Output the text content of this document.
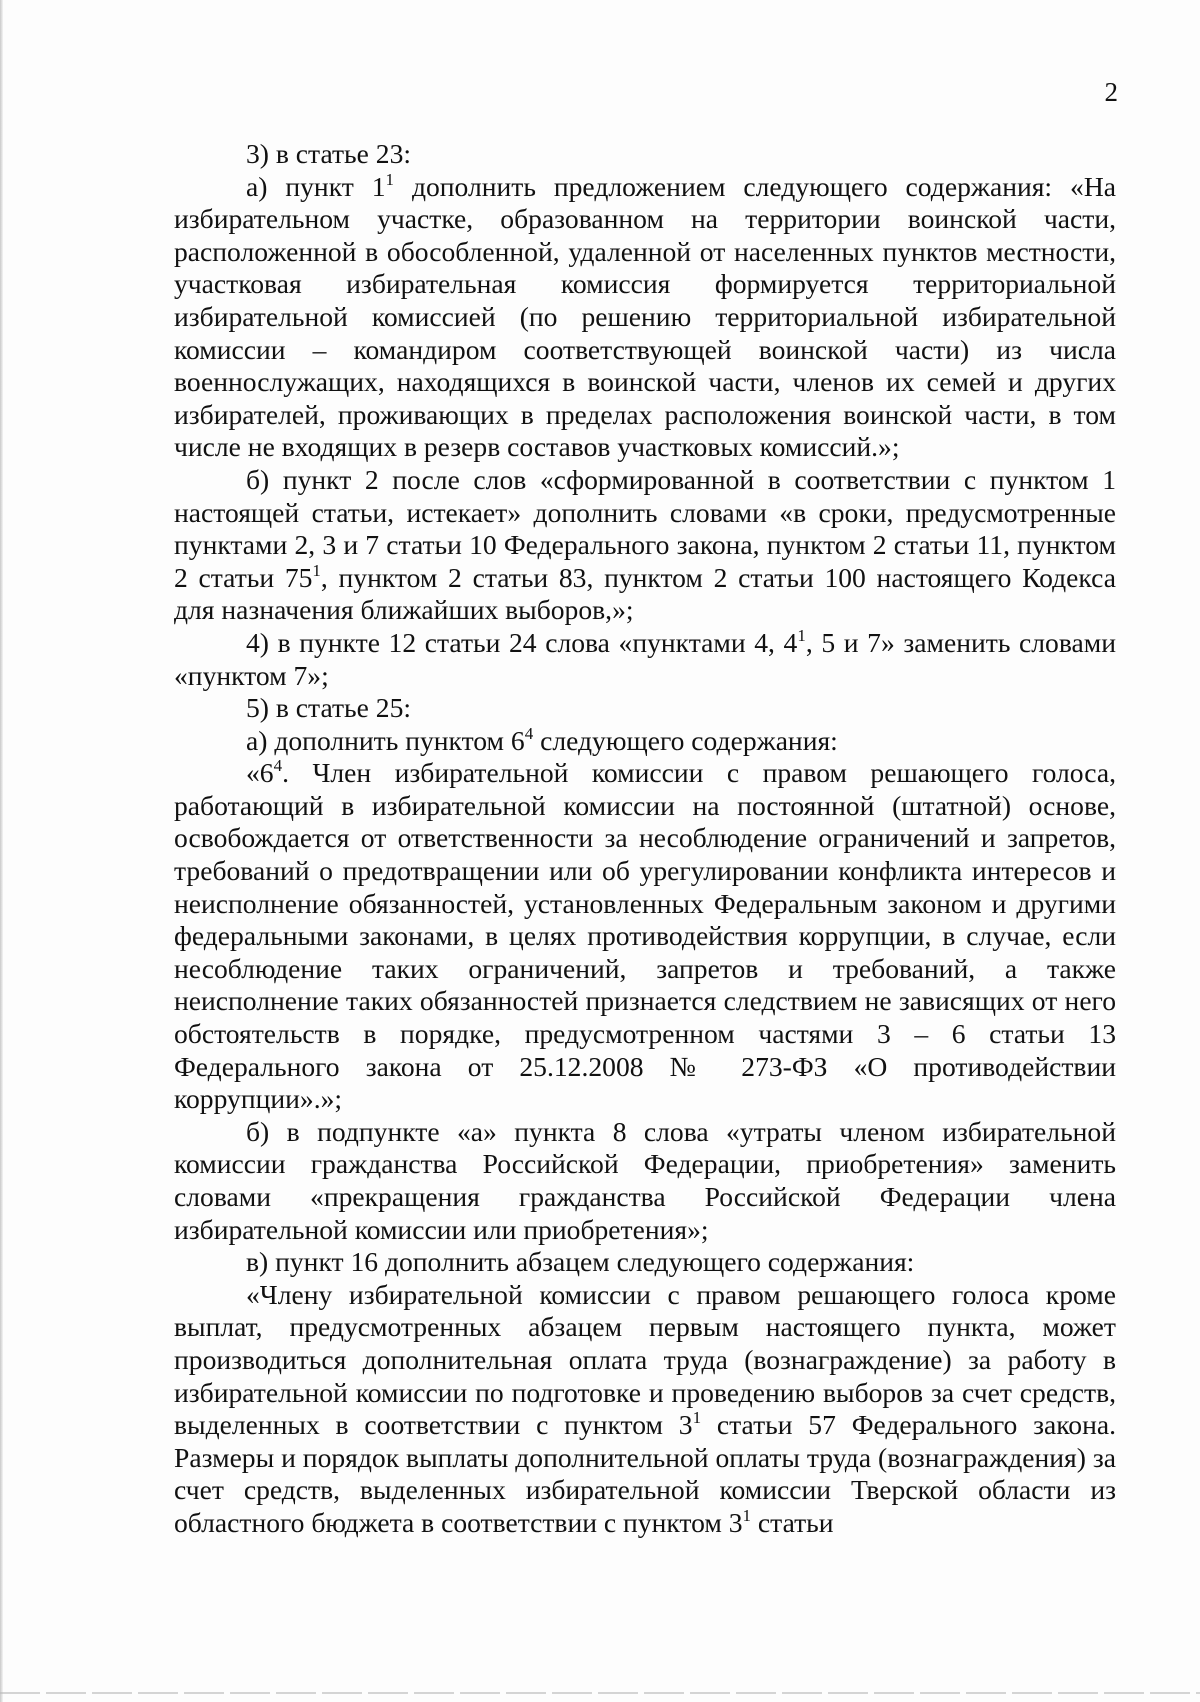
2

3) в статье 23:

а) пункт $1^1$ дополнить предложением следующего содержания: «На избирательном участке, образованном на территории воинской части, расположенной в обособленной, удаленной от населенных пунктов местности, участковая избирательная комиссия формируется территориальной избирательной комиссией (по решению территориальной избирательной комиссии – командиром соответствующей воинской части) из числа военнослужащих, находящихся в воинской части, членов их семей и других избирателей, проживающих в пределах расположения воинской части, в том числе не входящих в резерв составов участковых комиссий.»;

б) пункт 2 после слов «сформированной в соответствии с пунктом 1 настоящей статьи, истекает» дополнить словами «в сроки, предусмотренные пунктами 2, 3 и 7 статьи 10 Федерального закона, пунктом 2 статьи 11, пунктом 2 статьи $75^1$, пунктом 2 статьи 83, пунктом 2 статьи 100 настоящего Кодекса для назначения ближайших выборов,»;

4) в пункте 12 статьи 24 слова «пунктами 4, $4^1$, 5 и 7» заменить словами «пунктом 7»;

5) в статье 25:

а) дополнить пунктом $6^4$ следующего содержания:

«$6^4$. Член избирательной комиссии с правом решающего голоса, работающий в избирательной комиссии на постоянной (штатной) основе, освобождается от ответственности за несоблюдение ограничений и запретов, требований о предотвращении или об урегулировании конфликта интересов и неисполнение обязанностей, установленных Федеральным законом и другими федеральными законами, в целях противодействия коррупции, в случае, если несоблюдение таких ограничений, запретов и требований, а также неисполнение таких обязанностей признается следствием не зависящих от него обстоятельств в порядке, предусмотренном частями 3 – 6 статьи 13 Федерального закона от 25.12.2008 № 273-ФЗ «О противодействии коррупции».»;

б) в подпункте «а» пункта 8 слова «утраты членом избирательной комиссии гражданства Российской Федерации, приобретения» заменить словами «прекращения гражданства Российской Федерации члена избирательной комиссии или приобретения»;

в) пункт 16 дополнить абзацем следующего содержания:

«Члену избирательной комиссии с правом решающего голоса кроме выплат, предусмотренных абзацем первым настоящего пункта, может производиться дополнительная оплата труда (вознаграждение) за работу в избирательной комиссии по подготовке и проведению выборов за счет средств, выделенных в соответствии с пунктом $3^1$ статьи 57 Федерального закона. Размеры и порядок выплаты дополнительной оплаты труда (вознаграждения) за счет средств, выделенных избирательной комиссии Тверской области из областного бюджета в соответствии с пунктом $3^1$ статьи
